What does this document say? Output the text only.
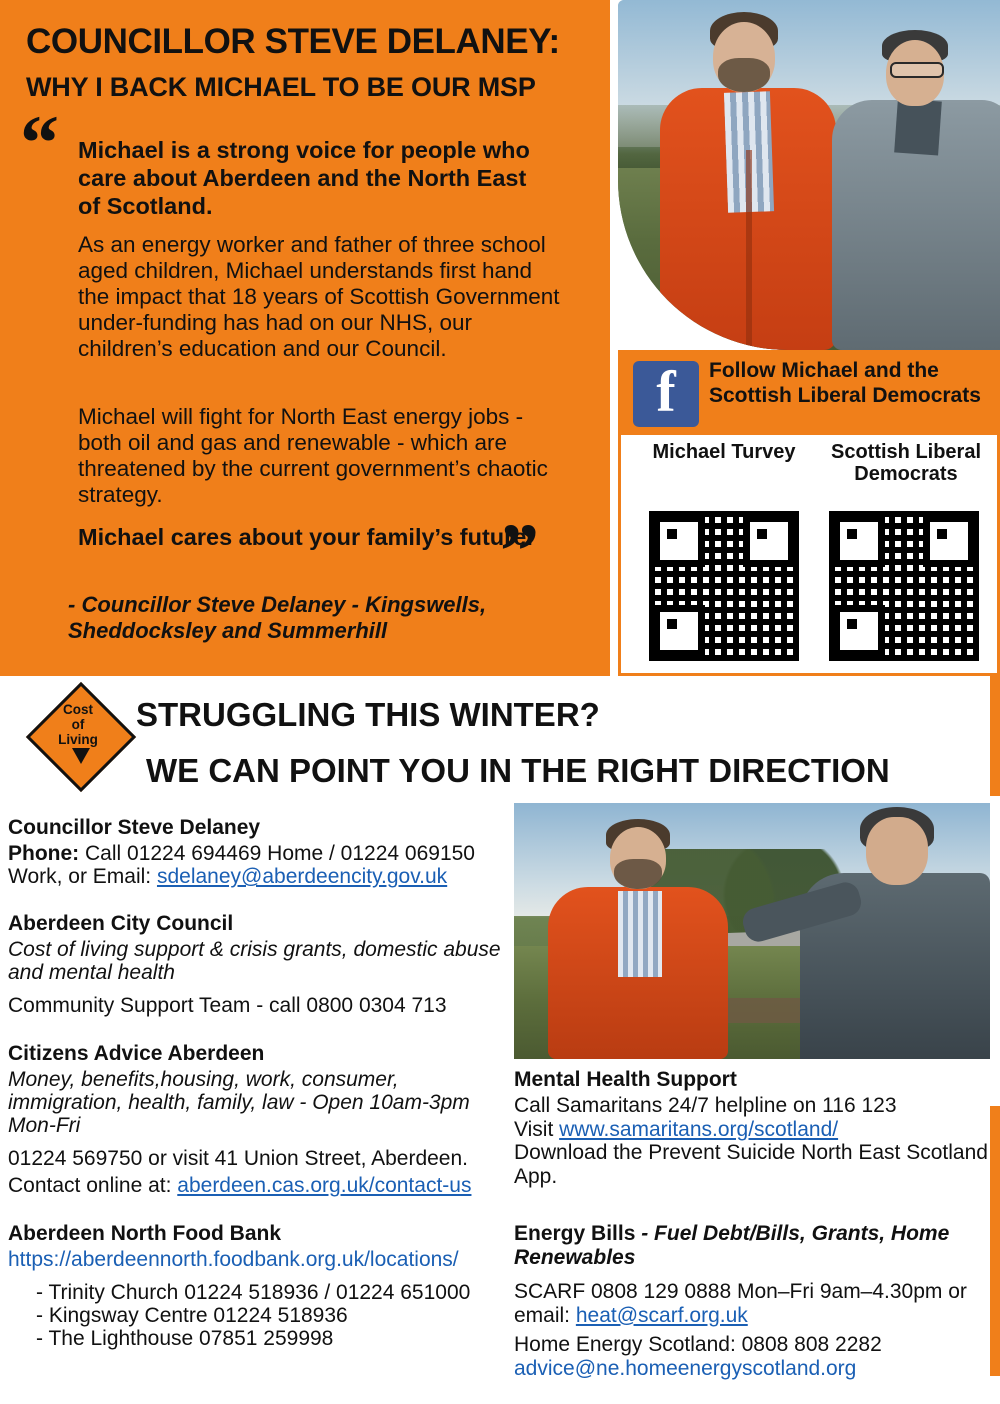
COUNCILLOR STEVE DELANEY:
WHY I BACK MICHAEL TO BE OUR MSP
“ Michael is a strong voice for people who care about Aberdeen and the North East of Scotland.
As an energy worker and father of three school aged children, Michael understands first hand the impact that 18 years of Scottish Government under-funding has had on our NHS, our children’s education and our Council.
Michael will fight for North East energy jobs - both oil and gas and renewable - which are threatened by the current government’s chaotic strategy.
Michael cares about your family’s future.
”
- Councillor Steve Delaney - Kingswells, Sheddocksley and Summerhill
f	Follow Michael and the Scottish Liberal Democrats
Michael Turvey	Scottish Liberal Democrats
Cost
of
Living
STRUGGLING THIS WINTER?
WE CAN POINT YOU IN THE RIGHT DIRECTION
Councillor Steve Delaney

Phone: Call 01224 694469 Home / 01224 069150 Work, or Email: sdelaney@aberdeencity.gov.uk

Aberdeen City Council

Cost of living support & crisis grants, domestic abuse and mental health

Community Support Team - call 0800 0304 713

Citizens Advice Aberdeen

Money, benefits,housing, work, consumer, immigration, health, family, law - Open 10am-3pm Mon-Fri

01224 569750 or visit 41 Union Street, Aberdeen.

Contact online at: aberdeen.cas.org.uk/contact-us

Aberdeen North Food Bank

https://aberdeennorth.foodbank.org.uk/locations/

- Trinity Church 01224 518936 / 01224 651000

- Kingsway Centre 01224 518936

- The Lighthouse 07851 259998

Mental Health Support

Call Samaritans 24/7 helpline on 116 123

Visit www.samaritans.org/scotland/

Download the Prevent Suicide North East Scotland App.

Energy Bills - Fuel Debt/Bills, Grants, Home Renewables

SCARF 0808 129 0888 Mon–Fri 9am–4.30pm or email: heat@scarf.org.uk

Home Energy Scotland: 0808 808 2282

advice@ne.homeenergyscotland.org
